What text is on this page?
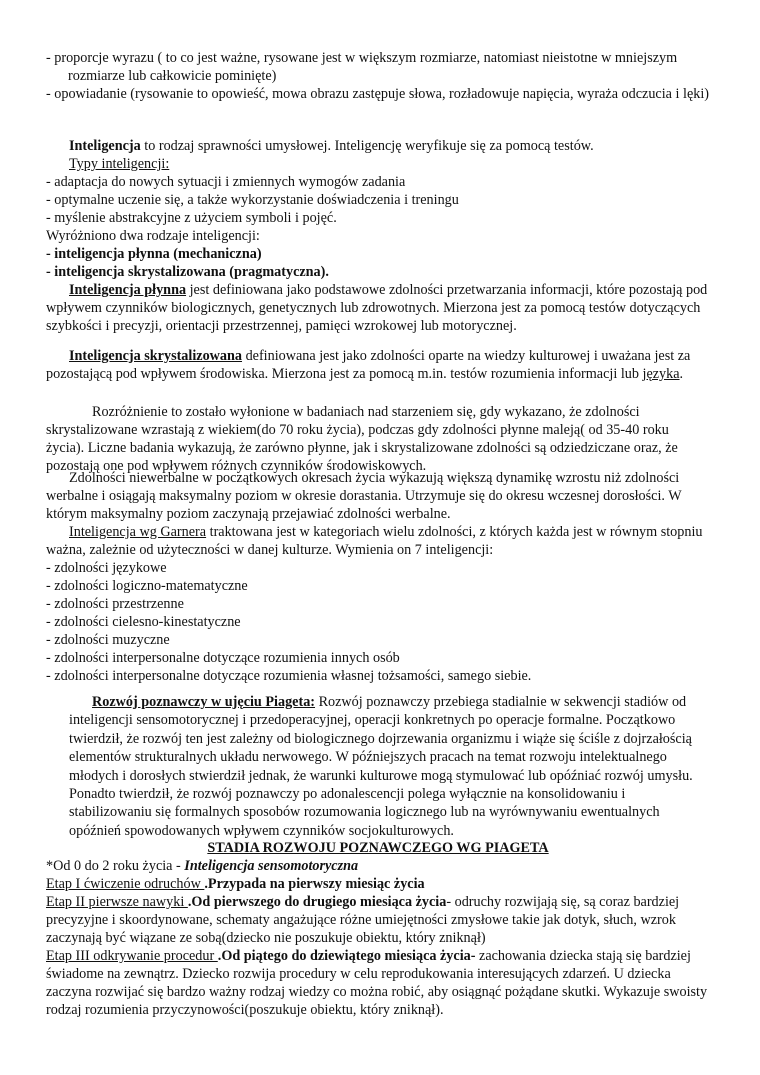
- proporcje wyrazu ( to co jest ważne, rysowane jest w większym rozmiarze, natomiast nieistotne w mniejszym rozmiarze lub całkowicie pominięte)

- opowiadanie (rysowanie to opowieść, mowa obrazu zastępuje słowa, rozładowuje napięcia, wyraża odczucia i lęki)

Inteligencja to rodzaj sprawności umysłowej. Inteligencję weryfikuje się za pomocą testów.

Typy inteligencji:

- adaptacja do nowych sytuacji i zmiennych wymogów zadania
- optymalne uczenie się, a także wykorzystanie doświadczenia i treningu
- myślenie abstrakcyjne z użyciem symboli i pojęć.
Wyróżniono dwa rodzaje inteligencji:
- inteligencja płynna (mechaniczna)
- inteligencja skrystalizowana (pragmatyczna).

Inteligencja płynna jest definiowana jako podstawowe zdolności przetwarzania informacji, które pozostają pod wpływem czynników biologicznych, genetycznych lub zdrowotnych. Mierzona jest za pomocą testów dotyczących szybkości i precyzji, orientacji przestrzennej, pamięci wzrokowej lub motorycznej.

Inteligencja skrystalizowana definiowana jest jako zdolności oparte na wiedzy kulturowej i uważana jest za pozostającą pod wpływem środowiska. Mierzona jest za pomocą m.in. testów rozumienia informacji lub języka.

Rozróżnienie to zostało wyłonione w badaniach nad starzeniem się, gdy wykazano, że zdolności skrystalizowane wzrastają z wiekiem(do 70 roku życia), podczas gdy zdolności płynne maleją( od 35-40 roku życia). Liczne badania wykazują, że zarówno płynne, jak i skrystalizowane zdolności są odziedziczane oraz, że pozostają one pod wpływem różnych czynników środowiskowych.

Zdolności niewerbalne w początkowych okresach życia wykazują większą dynamikę wzrostu niż zdolności werbalne i osiągają maksymalny poziom w okresie dorastania. Utrzymuje się do okresu wczesnej dorosłości. W którym maksymalny poziom zaczynają przejawiać zdolności werbalne.

Inteligencja wg Garnera traktowana jest w kategoriach wielu zdolności, z których każda jest w równym stopniu ważna, zależnie od użyteczności w danej kulturze. Wymienia on 7 inteligencji:

- zdolności językowe
- zdolności logiczno-matematyczne
- zdolności przestrzenne
- zdolności cielesno-kinestatyczne
- zdolności muzyczne
- zdolności interpersonalne dotyczące rozumienia innych osób
- zdolności interpersonalne dotyczące rozumienia własnej tożsamości, samego siebie.

Rozwój poznawczy w ujęciu Piageta: Rozwój poznawczy przebiega stadialnie w sekwencji stadiów od inteligencji sensomotorycznej i przedoperacyjnej, operacji konkretnych po operacje formalne. Początkowo twierdził, że rozwój ten jest zależny od biologicznego dojrzewania organizmu i wiąże się ściśle z dojrzałością elementów strukturalnych układu nerwowego. W późniejszych pracach na temat rozwoju intelektualnego młodych i dorosłych stwierdził jednak, że warunki kulturowe mogą stymulować lub opóźniać rozwój umysłu. Ponadto twierdził, że rozwój poznawczy po adonalescencji polega wyłącznie na konsolidowaniu i stabilizowaniu się formalnych sposobów rozumowania logicznego lub na wyrównywaniu ewentualnych opóźnień spowodowanych wpływem czynników socjokulturowych.

STADIA ROZWOJU POZNAWCZEGO WG PIAGETA

*Od 0 do 2 roku życia - Inteligencja sensomotoryczna

Etap I ćwiczenie odruchów .Przypada na pierwszy miesiąc życia

Etap II pierwsze nawyki .Od pierwszego do drugiego miesiąca życia- odruchy rozwijają się, są coraz bardziej precyzyjne i skoordynowane, schematy angażujące różne umiejętności zmysłowe takie jak dotyk, słuch, wzrok zaczynają być wiązane ze sobą(dziecko nie poszukuje obiektu, który zniknął)

Etap III odkrywanie procedur .Od piątego do dziewiątego miesiąca życia- zachowania dziecka stają się bardziej świadome na zewnątrz. Dziecko rozwija procedury w celu reprodukowania interesujących zdarzeń. U dziecka zaczyna rozwijać się bardzo ważny rodzaj wiedzy co można robić, aby osiągnąć pożądane skutki. Wykazuje swoisty rodzaj rozumienia przyczynowości(poszukuje obiektu, który zniknął).
